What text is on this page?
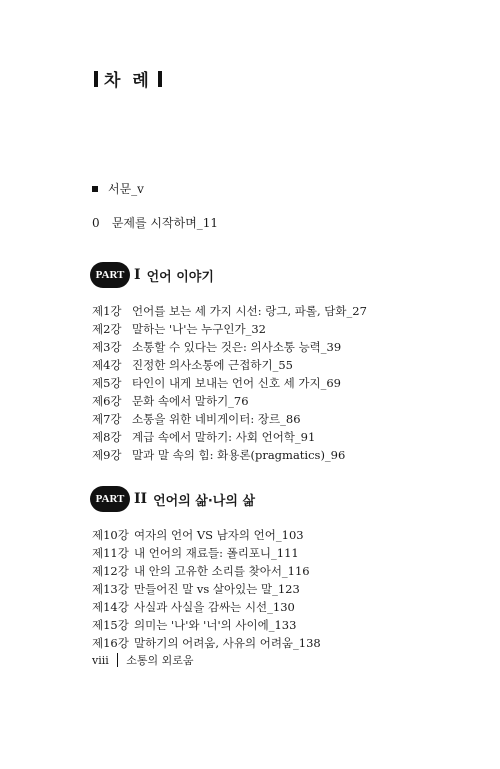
차 례
서문_v
0 문제를 시작하며_11
PART I 언어 이야기
제1강 언어를 보는 세 가지 시선: 랑그, 파롤, 담화_27
제2강 말하는 '나'는 누구인가_32
제3강 소통할 수 있다는 것은: 의사소통 능력_39
제4강 진정한 의사소통에 근접하기_55
제5강 타인이 내게 보내는 언어 신호 세 가지_69
제6강 문화 속에서 말하기_76
제7강 소통을 위한 네비게이터: 장르_86
제8강 계급 속에서 말하기: 사회 언어학_91
제9강 말과 말 속의 힘: 화용론(pragmatics)_96
PART II 언어의 삶·나의 삶
제10강 여자의 언어 VS 남자의 언어_103
제11강 내 언어의 재료들: 폴리포니_111
제12강 내 안의 고유한 소리를 찾아서_116
제13강 만들어진 말 vs 살아있는 말_123
제14강 사실과 사실을 감싸는 시선_130
제15강 의미는 '나'와 '너'의 사이에_133
제16강 말하기의 어려움, 사유의 어려움_138
viii 소통의 외로움
